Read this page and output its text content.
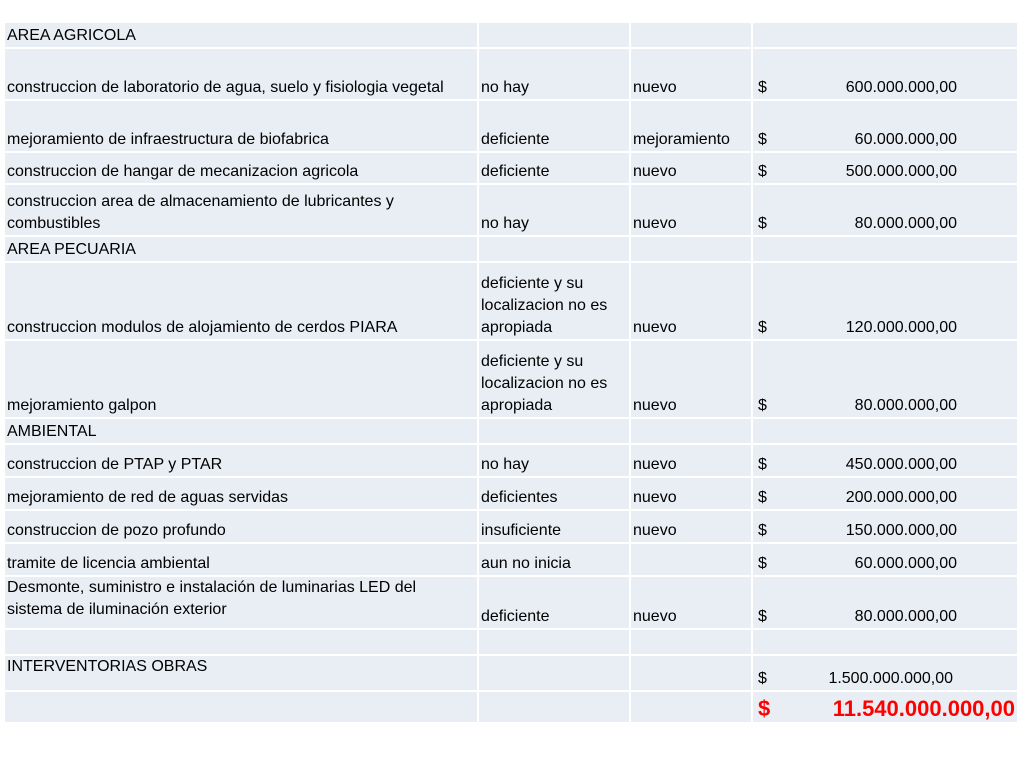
AREA AGRICOLA			

construccion de laboratorio de agua, suelo y fisiologia vegetal	no hay	nuevo	$ 600.000.000,00

mejoramiento de infraestructura de biofabrica	deficiente	mejoramiento	$ 60.000.000,00

construccion de hangar de mecanizacion agricola	deficiente	nuevo	$ 500.000.000,00

construccion area de almacenamiento de lubricantes y combustibles	no hay	nuevo	$ 80.000.000,00

AREA PECUARIA			

construccion modulos de alojamiento de cerdos PIARA	deficiente y su localizacion no es apropiada	nuevo	$ 120.000.000,00

mejoramiento galpon	deficiente y su localizacion no es apropiada	nuevo	$ 80.000.000,00

AMBIENTAL			

construccion de PTAP y PTAR	no hay	nuevo	$ 450.000.000,00

mejoramiento de red de aguas servidas	deficientes	nuevo	$ 200.000.000,00

construccion de pozo profundo	insuficiente	nuevo	$ 150.000.000,00

tramite de licencia ambiental	aun no inicia		$ 60.000.000,00

Desmonte, suministro e instalación de luminarias LED del sistema de iluminación exterior	deficiente	nuevo	$ 80.000.000,00

INTERVENTORIAS OBRAS			$ 1.500.000.000,00

			$ 11.540.000.000,00
